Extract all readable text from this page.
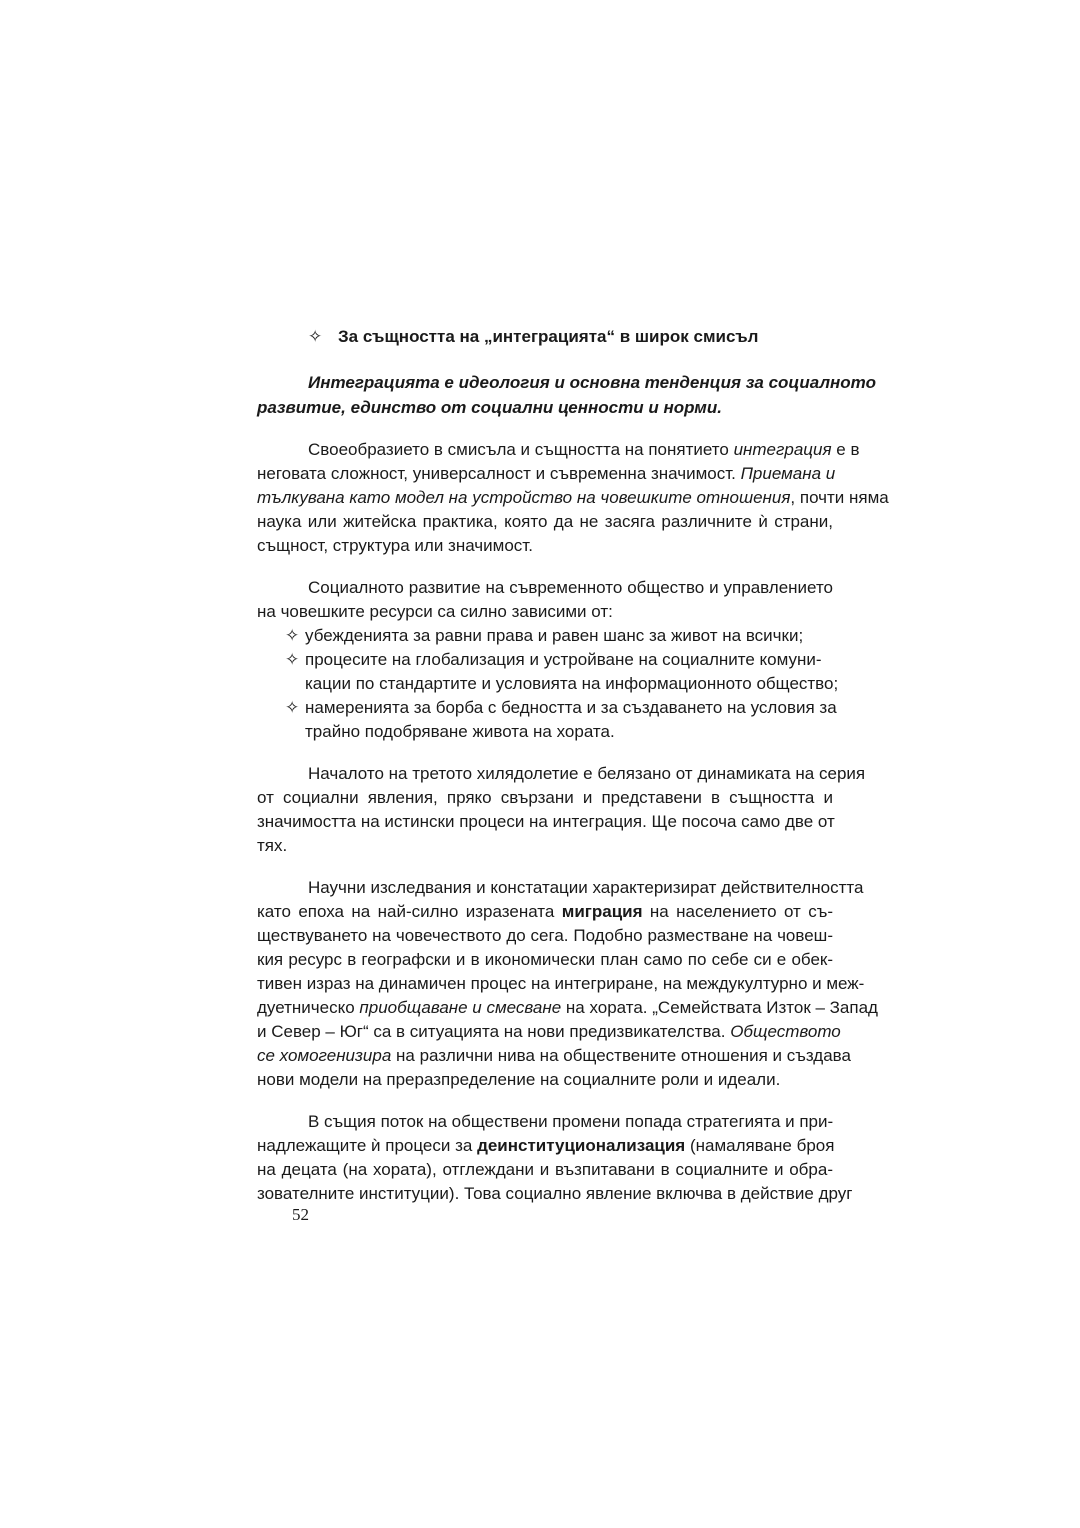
✧ За същността на „интеграцията“ в широк смисъл
Интеграцията е идеология и основна тенденция за социалното
развитие, единство от социални ценности и норми.
Своеобразието в смисъла и същността на понятието интеграция е в
неговата сложност, универсалност и съвременна значимост. Приемана и
тълкувана като модел на устройство на човешките отношения, почти няма
наука или житейска практика, която да не засяга различните ѝ страни,
същност, структура или значимост.
Социалното развитие на съвременното общество и управлението
на човешките ресурси са силно зависими от:
✧ убежденията за равни права и равен шанс за живот на всички;
✧ процесите на глобализация и устройване на социалните комуни-
кации по стандартите и условията на информационното общество;
✧ намеренията за борба с бедността и за създаването на условия за
трайно подобряване живота на хората.
Началото на третото хилядолетие е белязано от динамиката на серия
от социални явления, пряко свързани и представени в същността и
значимостта на истински процеси на интеграция. Ще посоча само две от
тях.
Научни изследвания и констатации характеризират действителността
като епоха на най-силно изразената миграция на населението от съ-
ществуването на човечеството до сега. Подобно разместване на човеш-
кия ресурс в географски и в икономически план само по себе си е обек-
тивен израз на динамичен процес на интегриране, на междукултурно и меж-
дуетническо приобщаване и смесване на хората. „Семействата Изток – Запад
и Север – Юг“ са в ситуацията на нови предизвикателства. Обществото
се хомогенизира на различни нива на обществените отношения и създава
нови модели на преразпределение на социалните роли и идеали.
В същия поток на обществени промени попада стратегията и при-
надлежащите ѝ процеси за деинституционализация (намаляване броя
на децата (на хората), отглеждани и възпитавани в социалните и обра-
зователните институции). Това социално явление включва в действие друг
52
